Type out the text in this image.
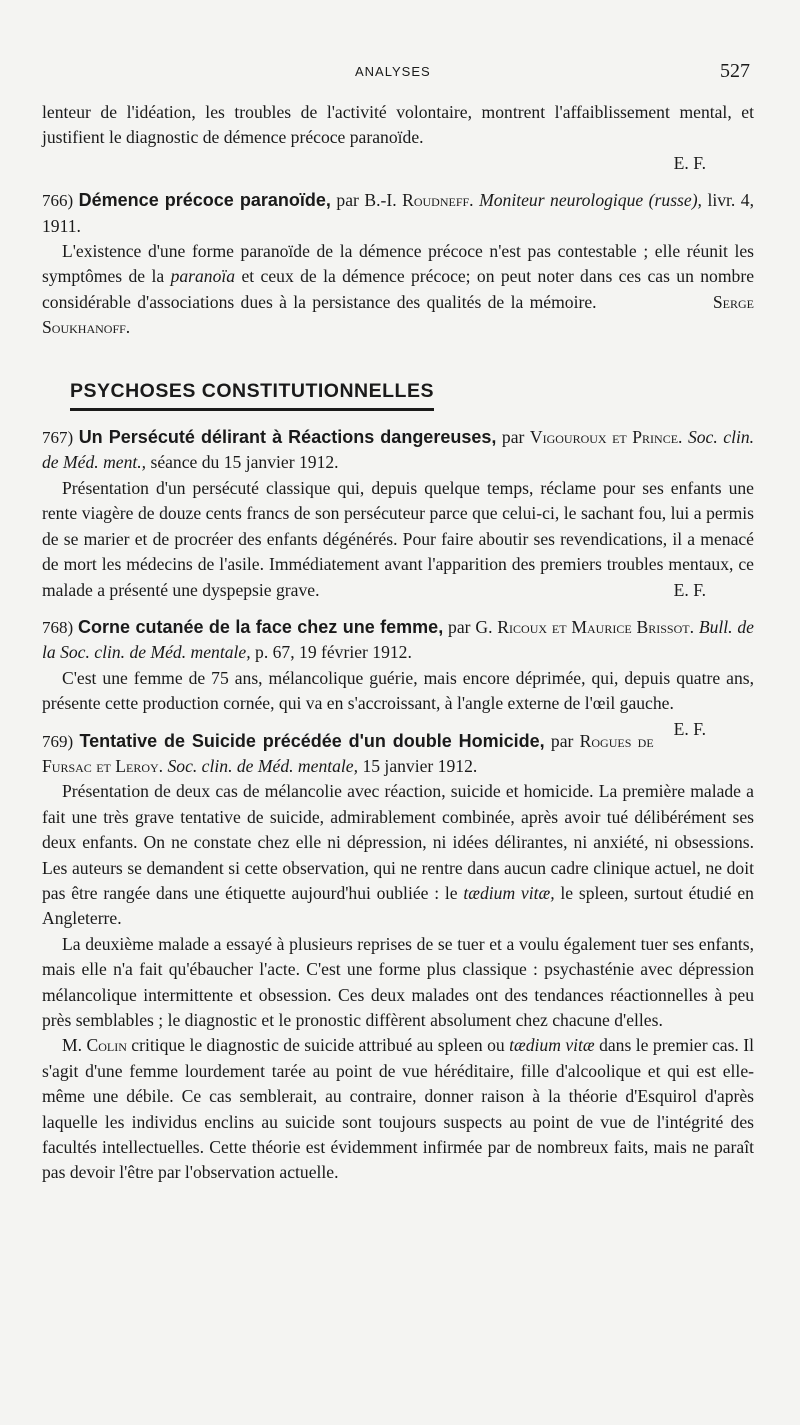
ANALYSES	527

lenteur de l'idéation, les troubles de l'activité volontaire, montrent l'affaiblissement mental, et justifient le diagnostic de démence précoce paranoïde.

E. F.

766) Démence précoce paranoïde, par B.-I. Roudneff. Moniteur neurologique (russe), livr. 4, 1911.

L'existence d'une forme paranoïde de la démence précoce n'est pas contestable ; elle réunit les symptômes de la paranoïa et ceux de la démence précoce; on peut noter dans ces cas un nombre considérable d'associations dues à la persistance des qualités de la mémoire.	Serge Soukhanoff.

PSYCHOSES CONSTITUTIONNELLES

767) Un Persécuté délirant à Réactions dangereuses, par Vigouroux et Prince. Soc. clin. de Méd. ment., séance du 15 janvier 1912.

Présentation d'un persécuté classique qui, depuis quelque temps, réclame pour ses enfants une rente viagère de douze cents francs de son persécuteur parce que celui-ci, le sachant fou, lui a permis de se marier et de procréer des enfants dégénérés. Pour faire aboutir ses revendications, il a menacé de mort les médecins de l'asile. Immédiatement avant l'apparition des premiers troubles mentaux, ce malade a présenté une dyspepsie grave.	E. F.

768) Corne cutanée de la face chez une femme, par G. Ricoux et Maurice Brissot. Bull. de la Soc. clin. de Méd. mentale, p. 67, 19 février 1912.

C'est une femme de 75 ans, mélancolique guérie, mais encore déprimée, qui, depuis quatre ans, présente cette production cornée, qui va en s'accroissant, à l'angle externe de l'œil gauche.
E. F.

769) Tentative de Suicide précédée d'un double Homicide, par Rogues de Fursac et Leroy. Soc. clin. de Méd. mentale, 15 janvier 1912.

Présentation de deux cas de mélancolie avec réaction, suicide et homicide. La première malade a fait une très grave tentative de suicide, admirablement combinée, après avoir tué délibérément ses deux enfants. On ne constate chez elle ni dépression, ni idées délirantes, ni anxiété, ni obsessions. Les auteurs se demandent si cette observation, qui ne rentre dans aucun cadre clinique actuel, ne doit pas être rangée dans une étiquette aujourd'hui oubliée : le tædium vitæ, le spleen, surtout étudié en Angleterre.

La deuxième malade a essayé à plusieurs reprises de se tuer et a voulu également tuer ses enfants, mais elle n'a fait qu'ébaucher l'acte. C'est une forme plus classique : psychasténie avec dépression mélancolique intermittente et obsession. Ces deux malades ont des tendances réactionnelles à peu près semblables ; le diagnostic et le pronostic diffèrent absolument chez chacune d'elles.

M. Colin critique le diagnostic de suicide attribué au spleen ou tædium vitæ dans le premier cas. Il s'agit d'une femme lourdement tarée au point de vue héréditaire, fille d'alcoolique et qui est elle-même une débile. Ce cas semblerait, au contraire, donner raison à la théorie d'Esquirol d'après laquelle les individus enclins au suicide sont toujours suspects au point de vue de l'intégrité des facultés intellectuelles. Cette théorie est évidemment infirmée par de nombreux faits, mais ne paraît pas devoir l'être par l'observation actuelle.
